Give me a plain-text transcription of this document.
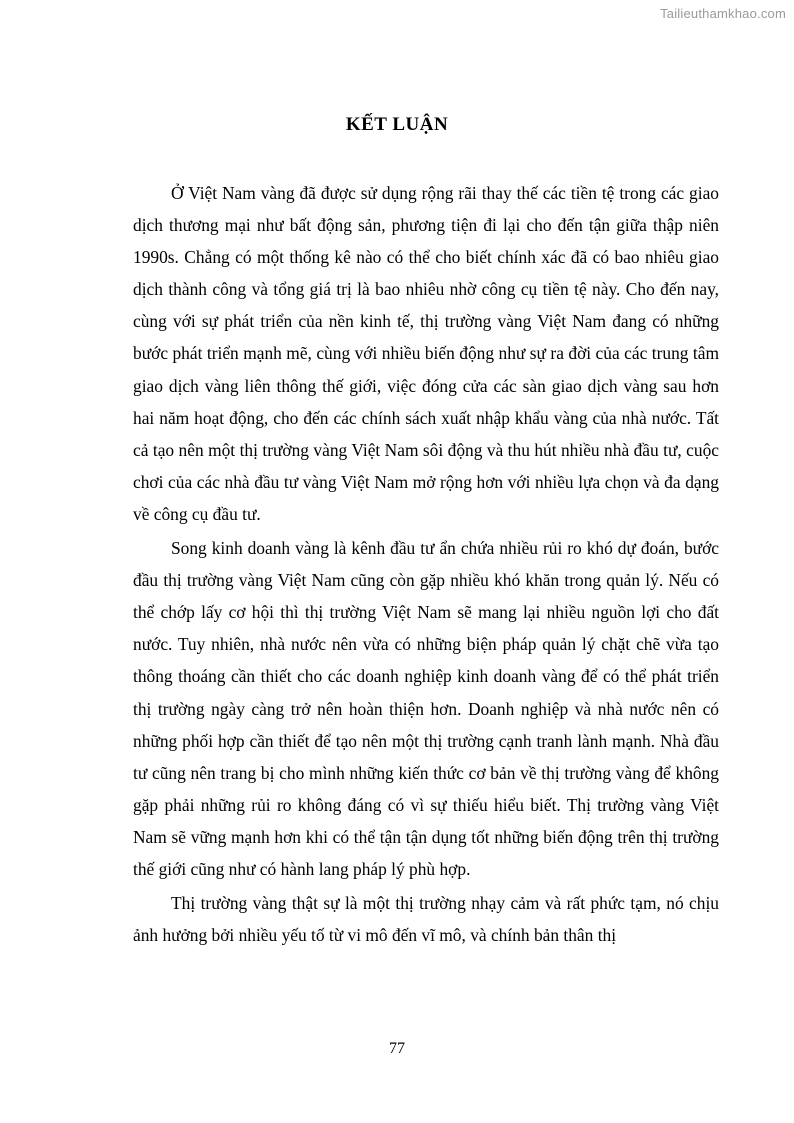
Tailieuthamkhao.com
KẾT LUẬN

Ở Việt Nam vàng đã được sử dụng rộng rãi thay thế các tiền tệ trong các giao dịch thương mại như bất động sản, phương tiện đi lại cho đến tận giữa thập niên 1990s. Chẳng có một thống kê nào có thể cho biết chính xác đã có bao nhiêu giao dịch thành công và tổng giá trị là bao nhiêu nhờ công cụ tiền tệ này. Cho đến nay, cùng với sự phát triển của nền kinh tế, thị trường vàng Việt Nam đang có những bước phát triển mạnh mẽ, cùng với nhiều biến động như sự ra đời của các trung tâm giao dịch vàng liên thông thế giới, việc đóng cửa các sàn giao dịch vàng sau hơn hai năm hoạt động, cho đến các chính sách xuất nhập khẩu vàng của nhà nước. Tất cả tạo nên một thị trường vàng Việt Nam sôi động và thu hút nhiều nhà đầu tư, cuộc chơi của các nhà đầu tư vàng Việt Nam mở rộng hơn với nhiều lựa chọn và đa dạng về công cụ đầu tư.

Song kinh doanh vàng là kênh đầu tư ẩn chứa nhiều rủi ro khó dự đoán, bước đầu thị trường vàng Việt Nam cũng còn gặp nhiều khó khăn trong quản lý. Nếu có thể chớp lấy cơ hội thì thị trường Việt Nam sẽ mang lại nhiều nguồn lợi cho đất nước. Tuy nhiên, nhà nước nên vừa có những biện pháp quản lý chặt chẽ vừa tạo thông thoáng cần thiết cho các doanh nghiệp kinh doanh vàng để có thể phát triển thị trường ngày càng trở nên hoàn thiện hơn. Doanh nghiệp và nhà nước nên có những phối hợp cần thiết để tạo nên một thị trường cạnh tranh lành mạnh. Nhà đầu tư cũng nên trang bị cho mình những kiến thức cơ bản về thị trường vàng để không gặp phải những rủi ro không đáng có vì sự thiếu hiểu biết. Thị trường vàng Việt Nam sẽ vững mạnh hơn khi có thể tận tận dụng tốt những biến động trên thị trường thế giới cũng như có hành lang pháp lý phù hợp.

Thị trường vàng thật sự là một thị trường nhạy cảm và rất phức tạm, nó chịu ảnh hưởng bởi nhiều yếu tố từ vi mô đến vĩ mô, và chính bản thân thị

77
